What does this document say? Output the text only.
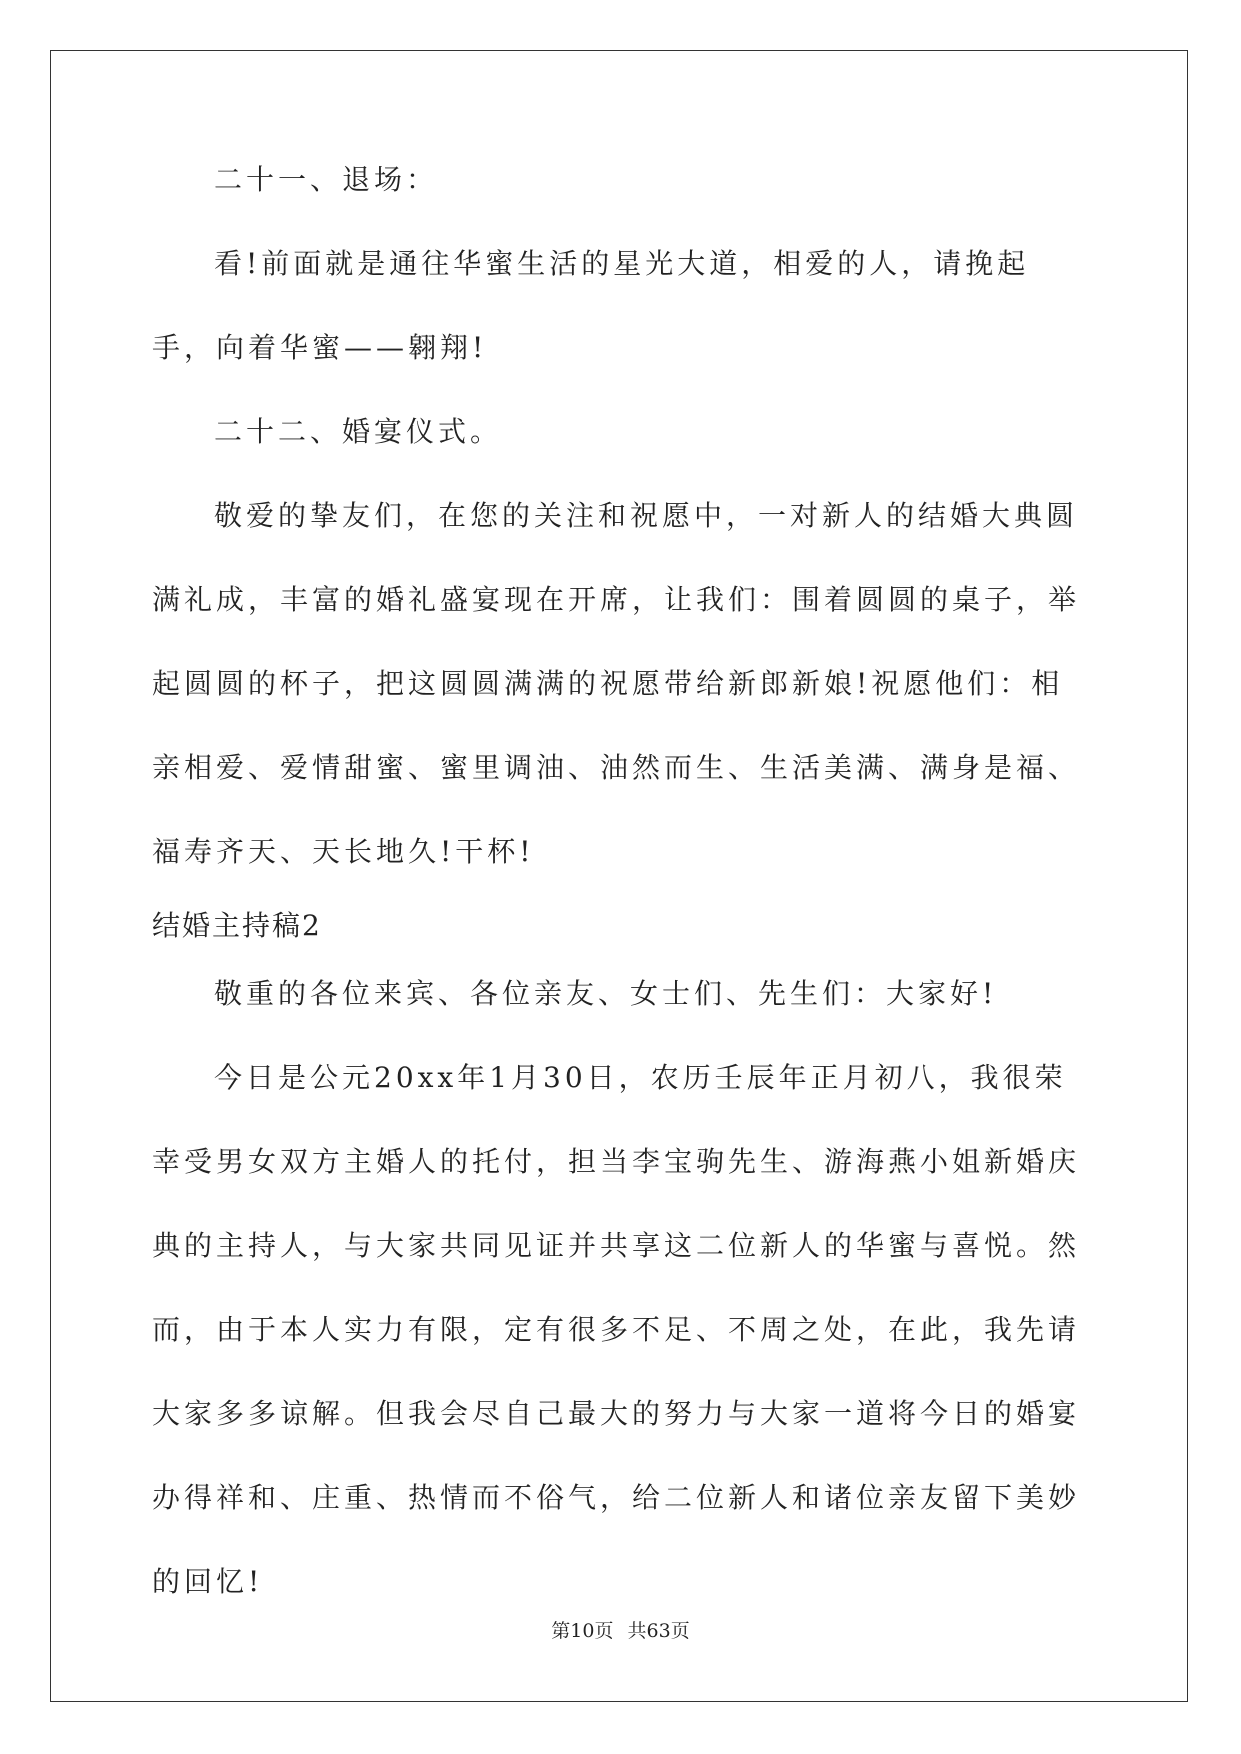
二十一、退场：

看!前面就是通往华蜜生活的星光大道，相爱的人，请挽起手，向着华蜜——翱翔!

二十二、婚宴仪式。

敬爱的挚友们，在您的关注和祝愿中，一对新人的结婚大典圆满礼成，丰富的婚礼盛宴现在开席，让我们：围着圆圆的桌子，举起圆圆的杯子，把这圆圆满满的祝愿带给新郎新娘!祝愿他们：相亲相爱、爱情甜蜜、蜜里调油、油然而生、生活美满、满身是福、福寿齐天、天长地久!干杯!

结婚主持稿2

敬重的各位来宾、各位亲友、女士们、先生们：大家好!

今日是公元20xx年1月30日，农历壬辰年正月初八，我很荣幸受男女双方主婚人的托付，担当李宝驹先生、游海燕小姐新婚庆典的主持人，与大家共同见证并共享这二位新人的华蜜与喜悦。然而，由于本人实力有限，定有很多不足、不周之处，在此，我先请大家多多谅解。但我会尽自己最大的努力与大家一道将今日的婚宴办得祥和、庄重、热情而不俗气，给二位新人和诸位亲友留下美妙的回忆!

第10页 共63页
